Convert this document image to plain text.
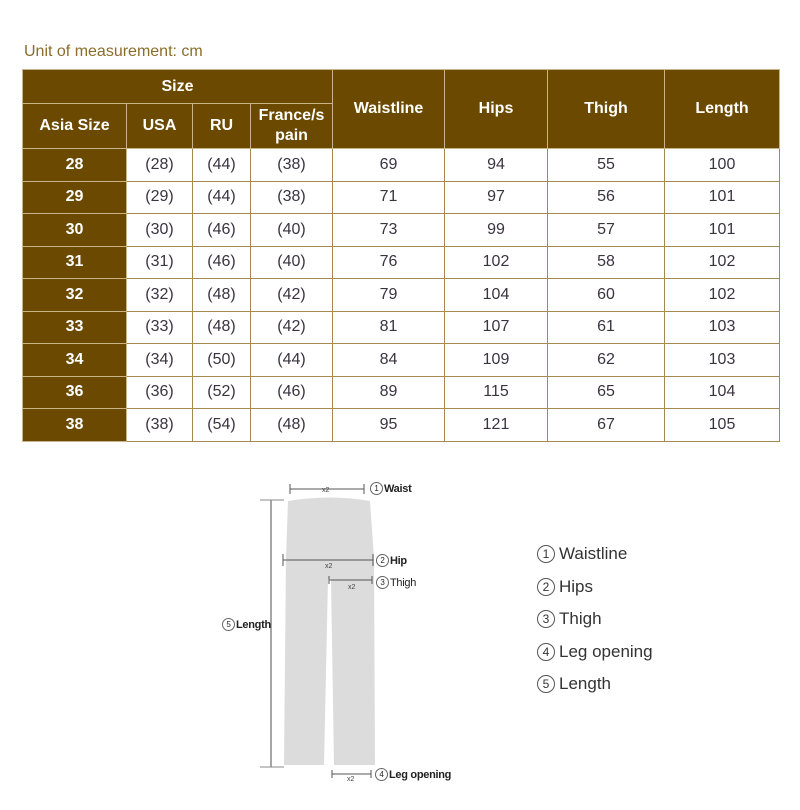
Unit of measurement: cm
Size				Waistline	Hips	Thigh	Length
Asia Size	USA	RU	France/s pain				
28	(28)	(44)	(38)	69	94	55	100
29	(29)	(44)	(38)	71	97	56	101
30	(30)	(46)	(40)	73	99	57	101
31	(31)	(46)	(40)	76	102	58	102
32	(32)	(48)	(42)	79	104	60	102
33	(33)	(48)	(42)	81	107	61	103
34	(34)	(50)	(44)	84	109	62	103
36	(36)	(52)	(46)	89	115	65	104
38	(38)	(54)	(48)	95	121	67	105
x2
x2
x2
x2
1 Waist
2 Hip
3 Thigh
5 Length
4 Leg opening
1 Waistline
2 Hips
3 Thigh
4 Leg opening
5 Length
